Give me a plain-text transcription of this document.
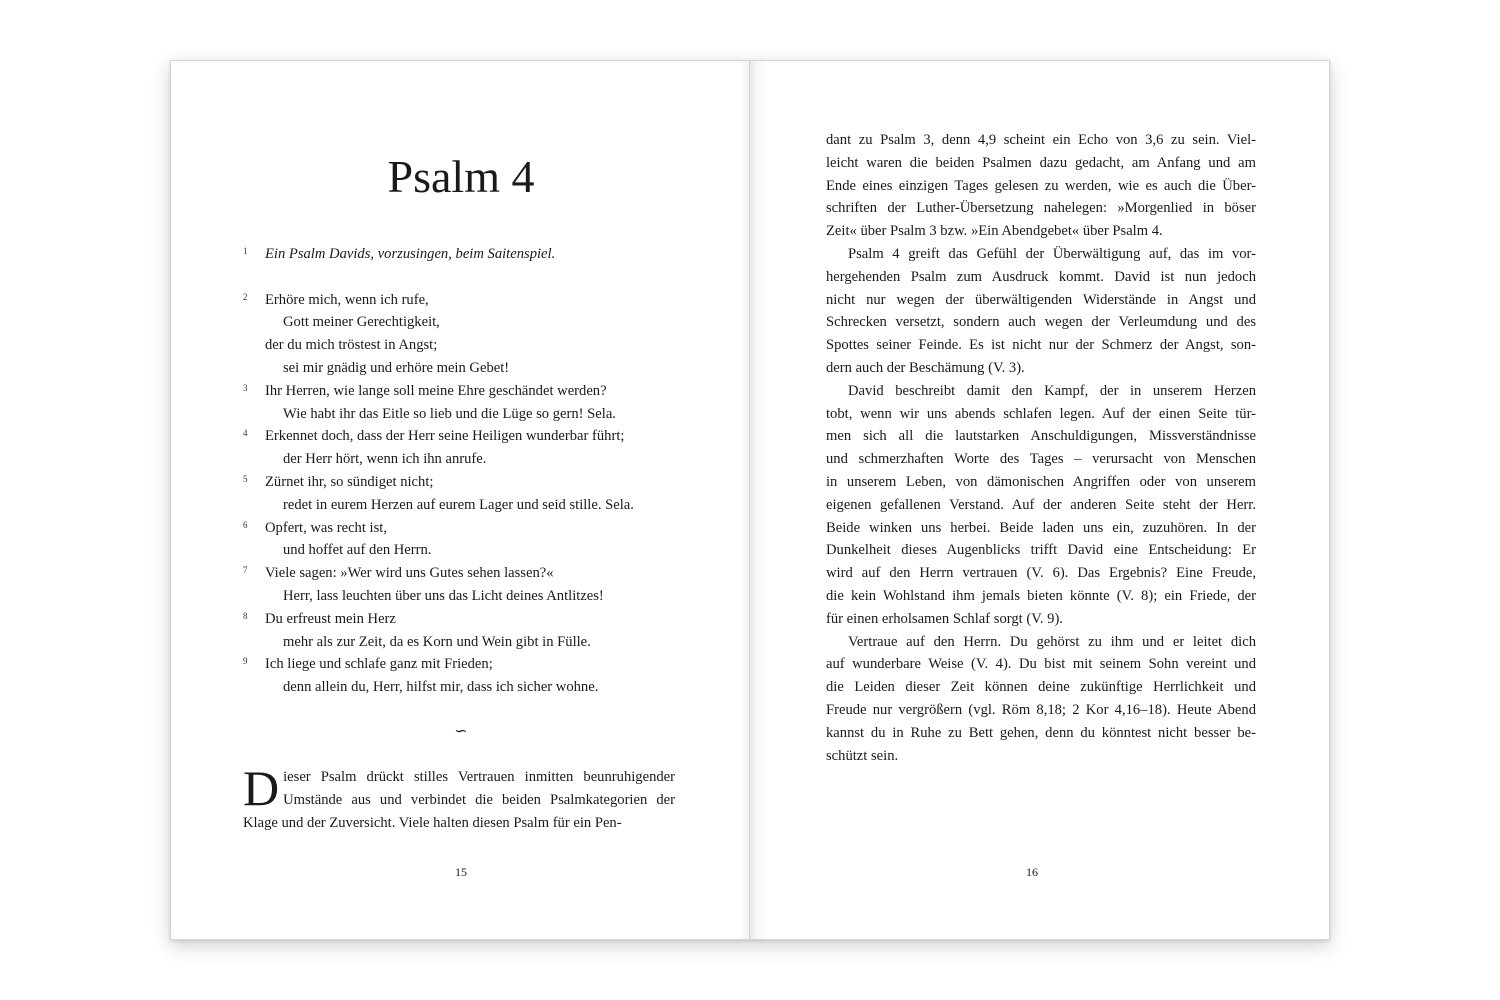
Psalm 4
1 Ein Psalm Davids, vorzusingen, beim Saitenspiel.
2 Erhöre mich, wenn ich rufe,
Gott meiner Gerechtigkeit,
der du mich tröstest in Angst;
sei mir gnädig und erhöre mein Gebet!
3 Ihr Herren, wie lange soll meine Ehre geschändet werden?
Wie habt ihr das Eitle so lieb und die Lüge so gern! Sela.
4 Erkennet doch, dass der Herr seine Heiligen wunderbar führt;
der Herr hört, wenn ich ihn anrufe.
5 Zürnet ihr, so sündiget nicht;
redet in eurem Herzen auf eurem Lager und seid stille. Sela.
6 Opfert, was recht ist,
und hoffet auf den Herrn.
7 Viele sagen: »Wer wird uns Gutes sehen lassen?«
Herr, lass leuchten über uns das Licht deines Antlitzes!
8 Du erfreust mein Herz
mehr als zur Zeit, da es Korn und Wein gibt in Fülle.
9 Ich liege und schlafe ganz mit Frieden;
denn allein du, Herr, hilfst mir, dass ich sicher wohne.
∽
Dieser Psalm drückt stilles Vertrauen inmitten beunruhigender Umstände aus und verbindet die beiden Psalmkategorien der Klage und der Zuversicht. Viele halten diesen Psalm für ein Pen-
15
dant zu Psalm 3, denn 4,9 scheint ein Echo von 3,6 zu sein. Viel-
leicht waren die beiden Psalmen dazu gedacht, am Anfang und am
Ende eines einzigen Tages gelesen zu werden, wie es auch die Über-
schriften der Luther-Übersetzung nahelegen: »Morgenlied in böser
Zeit« über Psalm 3 bzw. »Ein Abendgebet« über Psalm 4.
Psalm 4 greift das Gefühl der Überwältigung auf, das im vor-
hergehenden Psalm zum Ausdruck kommt. David ist nun jedoch
nicht nur wegen der überwältigenden Widerstände in Angst und
Schrecken versetzt, sondern auch wegen der Verleumdung und des
Spottes seiner Feinde. Es ist nicht nur der Schmerz der Angst, son-
dern auch der Beschämung (V. 3).
David beschreibt damit den Kampf, der in unserem Herzen
tobt, wenn wir uns abends schlafen legen. Auf der einen Seite tür-
men sich all die lautstarken Anschuldigungen, Missverständnisse
und schmerzhaften Worte des Tages – verursacht von Menschen
in unserem Leben, von dämonischen Angriffen oder von unserem
eigenen gefallenen Verstand. Auf der anderen Seite steht der Herr.
Beide winken uns herbei. Beide laden uns ein, zuzuhören. In der
Dunkelheit dieses Augenblicks trifft David eine Entscheidung: Er
wird auf den Herrn vertrauen (V. 6). Das Ergebnis? Eine Freude,
die kein Wohlstand ihm jemals bieten könnte (V. 8); ein Friede, der
für einen erholsamen Schlaf sorgt (V. 9).
Vertraue auf den Herrn. Du gehörst zu ihm und er leitet dich
auf wunderbare Weise (V. 4). Du bist mit seinem Sohn vereint und
die Leiden dieser Zeit können deine zukünftige Herrlichkeit und
Freude nur vergrößern (vgl. Röm 8,18; 2 Kor 4,16–18). Heute Abend
kannst du in Ruhe zu Bett gehen, denn du könntest nicht besser be-
schützt sein.
16
